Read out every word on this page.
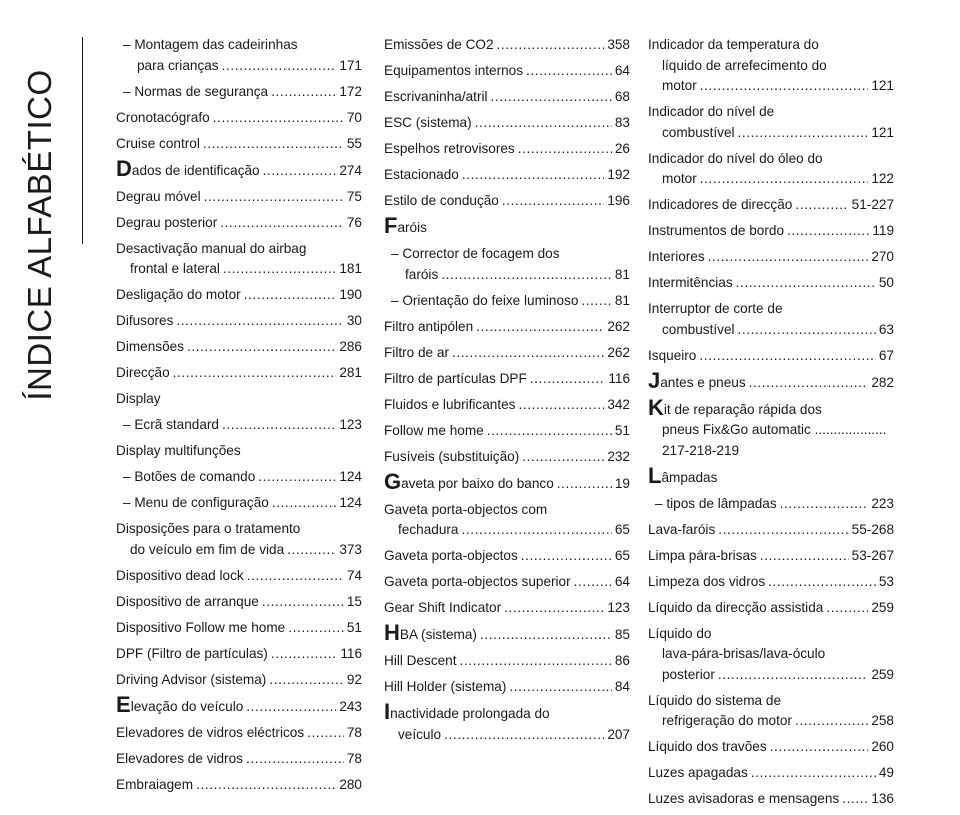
ÍNDICE ALFABÉTICO
– Montagem das cadeirinhas
para crianças .....	171
– Normas de segurança .....	172
Cronotacógrafo .....	70
Cruise control .....	55
Dados de identificação .....	274
Degrau móvel .....	75
Degrau posterior .....	76
Desactivação manual do airbag
frontal e lateral .....	181
Desligação do motor .....	190
Difusores .....	30
Dimensões .....	286
Direcção .....	281
Display
– Ecrã standard .....	123
Display multifunções
– Botões de comando .....	124
– Menu de configuração .....	124
Disposições para o tratamento
do veículo em fim de vida .....	373
Dispositivo dead lock .....	74
Dispositivo de arranque .....	15
Dispositivo Follow me home .....	51
DPF (Filtro de partículas) .....	116
Driving Advisor (sistema) .....	92
Elevação do veículo .....	243
Elevadores de vidros eléctricos .....	78
Elevadores de vidros .....	78
Embraiagem .....	280
Emissões de CO2 .....	358
Equipamentos internos .....	64
Escrivaninha/atril .....	68
ESC (sistema) .....	83
Espelhos retrovisores .....	26
Estacionado .....	192
Estilo de condução .....	196
Faróis
– Corrector de focagem dos
faróis .....	81
– Orientação do feixe luminoso .....	81
Filtro antipólen .....	262
Filtro de ar .....	262
Filtro de partículas DPF .....	116
Fluidos e lubrificantes .....	342
Follow me home .....	51
Fusíveis (substituição) .....	232
Gaveta por baixo do banco .....	19
Gaveta porta-objectos com
fechadura .....	65
Gaveta porta-objectos .....	65
Gaveta porta-objectos superior .....	64
Gear Shift Indicator .....	123
HBA (sistema) .....	85
Hill Descent .....	86
Hill Holder (sistema) .....	84
Inactividade prolongada do
veículo .....	207
Indicador da temperatura do
líquido de arrefecimento do
motor .....	121
Indicador do nível de
combustível .....	121
Indicador do nível do óleo do
motor .....	122
Indicadores de direcção .....	51-227
Instrumentos de bordo .....	119
Interiores .....	270
Intermitências .....	50
Interruptor de corte de
combustível .....	63
Isqueiro .....	67
Jantes e pneus .....	282
Kit de reparação rápida dos
pneus Fix&Go automatic ...................
217-218-219
Lâmpadas
– tipos de lâmpadas .....	223
Lava-faróis .....	55-268
Limpa pára-brisas .....	53-267
Limpeza dos vidros .....	53
Líquido da direcção assistida .....	259
Líquido do
lava-pára-brisas/lava-óculo
posterior .....	259
Líquido do sistema de
refrigeração do motor .....	258
Líquido dos travões .....	260
Luzes apagadas .....	49
Luzes avisadoras e mensagens ..... 136
